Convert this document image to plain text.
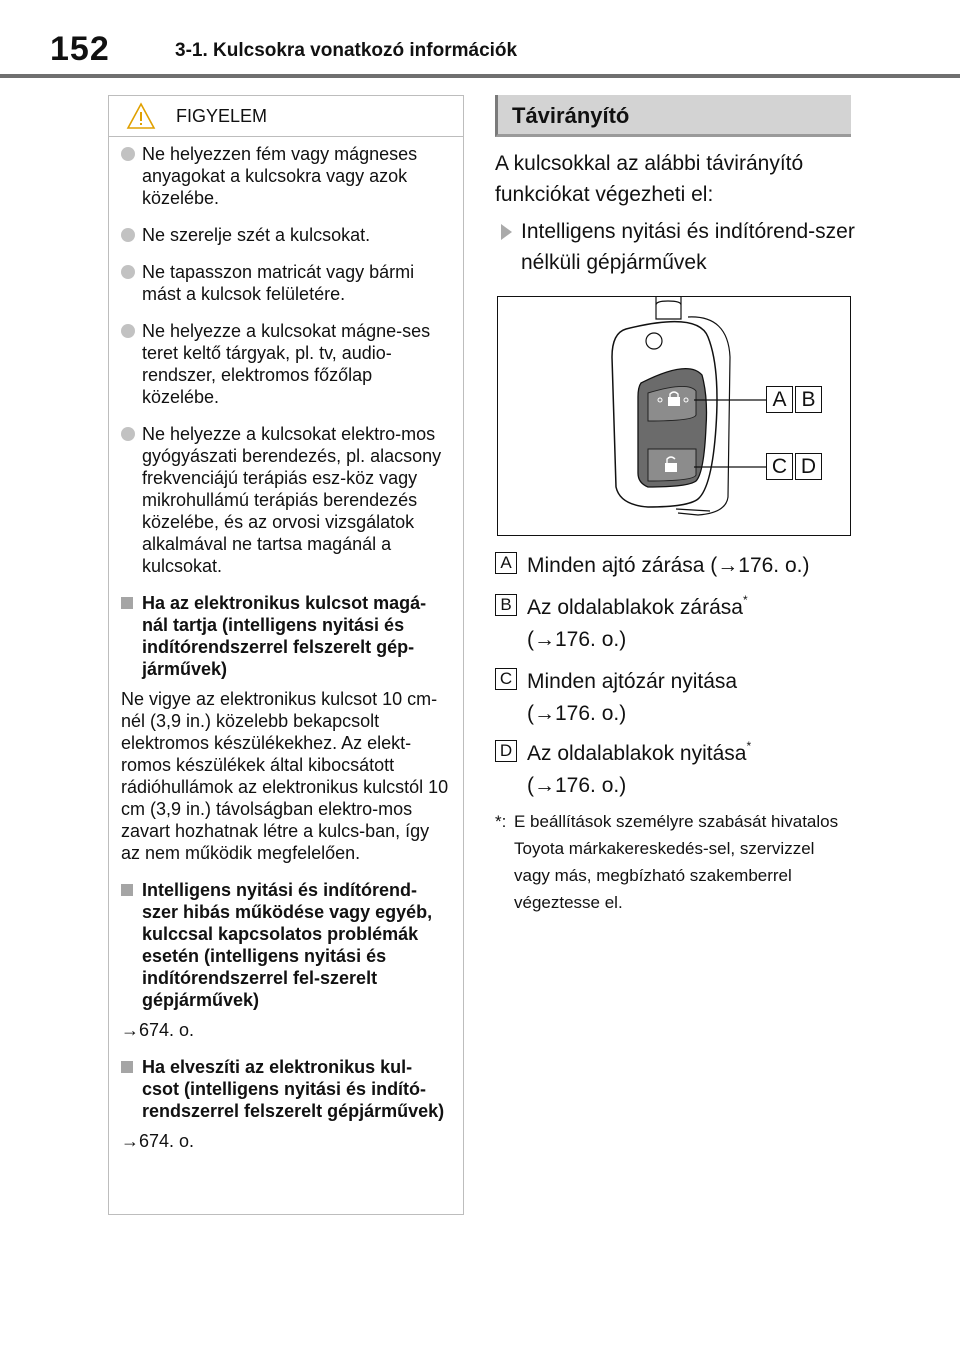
152	3-1. Kulcsokra vonatkozó információk
FIGYELEM
Ne helyezzen fém vagy mágneses anyagokat a kulcsokra vagy azok közelébe.
Ne szerelje szét a kulcsokat.
Ne tapasszon matricát vagy bármi mást a kulcsok felületére.
Ne helyezze a kulcsokat mágne-ses teret keltő tárgyak, pl. tv, audio-rendszer, elektromos főzőlap közelébe.
Ne helyezze a kulcsokat elektro-mos gyógyászati berendezés, pl. alacsony frekvenciájú terápiás esz-köz vagy mikrohullámú terápiás berendezés közelébe, és az orvosi vizsgálatok alkalmával ne tartsa magánál a kulcsokat.
Ha az elektronikus kulcsot magá-nál tartja (intelligens nyitási és indítórendszerrel felszerelt gép-járművek)
Ne vigye az elektronikus kulcsot 10 cm-nél (3,9 in.) közelebb bekapcsolt elektromos készülékekhez. Az elekt-romos készülékek által kibocsátott rádióhullámok az elektronikus kulcstól 10 cm (3,9 in.) távolságban elektro-mos zavart hozhatnak létre a kulcs-ban, így az nem működik megfelelően.
Intelligens nyitási és indítórend-szer hibás működése vagy egyéb, kulccsal kapcsolatos problémák esetén (intelligens nyitási és indítórendszerrel fel-szerelt gépjárművek)
→674. o.
Ha elveszíti az elektronikus kul-csot (intelligens nyitási és indító-rendszerrel felszerelt gépjárművek)
→674. o.
Távirányító
A kulcsokkal az alábbi távirányító funkciókat végezheti el:
Intelligens nyitási és indítórend-szer nélküli gépjárművek
A B
C D
A Minden ajtó zárása (→176. o.)
B Az oldalablakok zárása*
(→176. o.)
C Minden ajtózár nyitása
(→176. o.)
D Az oldalablakok nyitása*
(→176. o.)
*: E beállítások személyre szabását hivatalos Toyota márkakereskedés-sel, szervizzel vagy más, megbízható szakemberrel végeztesse el.
